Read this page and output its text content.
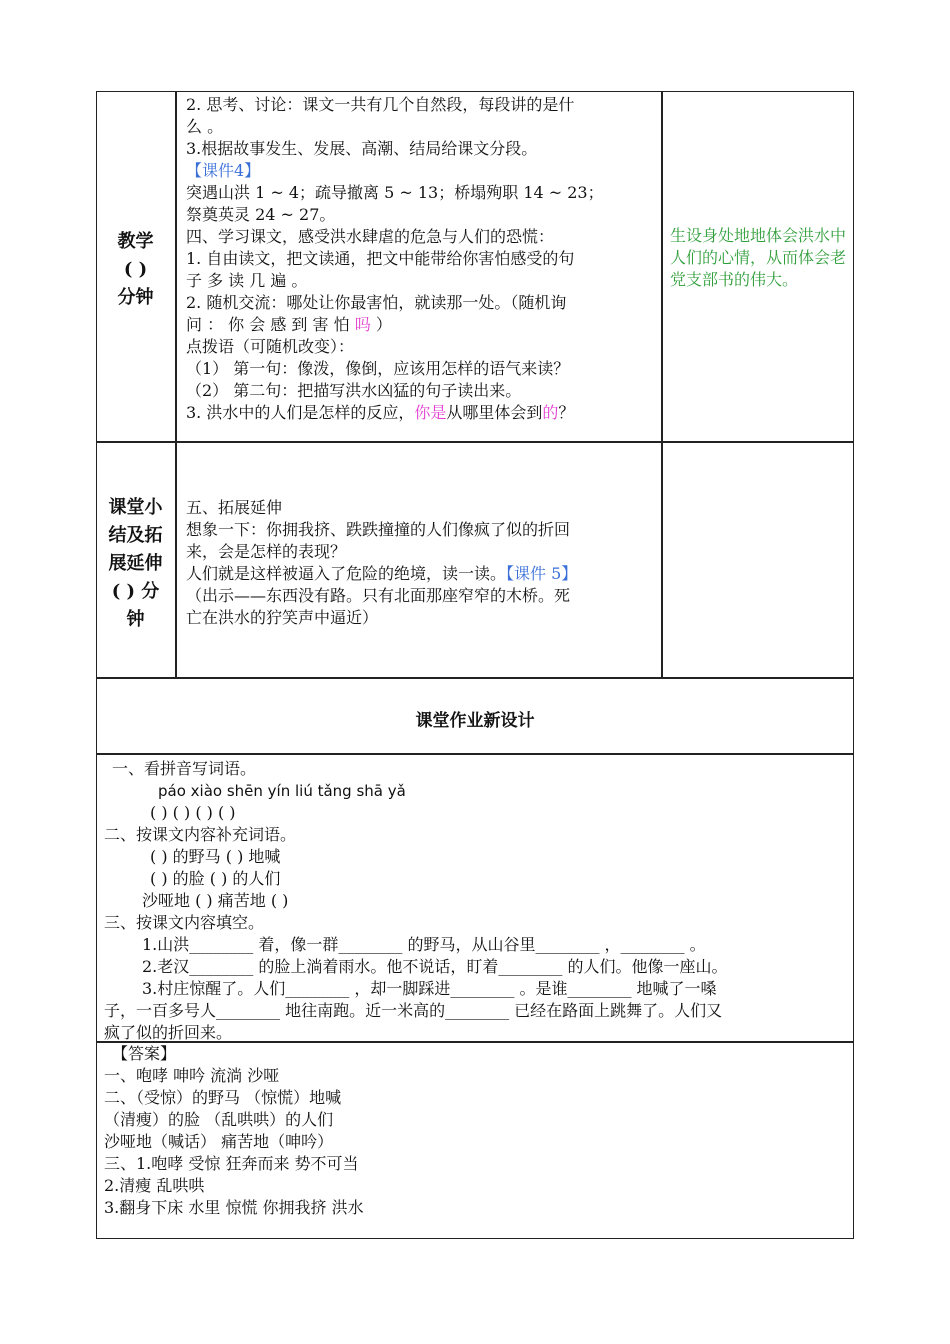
教学
( )
分钟

2. 思考、讨论：课文一共有几个自然段，每段讲的是什

么 。

3.根据故事发生、发展、高潮、结局给课文分段。

【课件4】

突遇山洪 1 ~ 4；疏导撤离 5 ~ 13；桥塌殉职 14 ~ 23；

祭奠英灵 24 ~ 27。

四、学习课文，感受洪水肆虐的危急与人们的恐慌：

1. 自由读文，把文读通，把文中能带给你害怕感受的句

子 多 读 几 遍 。

2. 随机交流：哪处让你最害怕，就读那一处。（随机询

问 ： 你 会 感 到 害 怕 吗 ）

点拨语（可随机改变）：

（1） 第一句：像泼，像倒，应该用怎样的语气来读？

（2） 第二句：把描写洪水凶猛的句子读出来。

3. 洪水中的人们是怎样的反应，你是从哪里体会到的？

生设身处地地体会洪水中人们的心情，从而体会老党支部书的伟大。
课堂小
结及拓
展延伸
( ) 分
钟

五、拓展延伸

想象一下：你拥我挤、跌跌撞撞的人们像疯了似的折回

来，会是怎样的表现？

人们就是这样被逼入了危险的绝境，读一读。【课件 5】

（出示——东西没有路。只有北面那座窄窄的木桥。死

亡在洪水的狞笑声中逼近）

课堂作业新设计

一、看拼音写词语。

páo xiào shēn yín liú tǎng shā yǎ

( ) ( ) ( ) ( )

二、按课文内容补充词语。

( ) 的野马 ( ) 地喊

( ) 的脸 ( ) 的人们

沙哑地 ( ) 痛苦地 ( )

三、按课文内容填空。

1.山洪________ 着，像一群________ 的野马，从山谷里________ ，________ 。

2.老汉________ 的脸上淌着雨水。他不说话，盯着________ 的人们。他像一座山。

3.村庄惊醒了。人们________ ，却一脚踩进________ 。是谁________ 地喊了一嗓

子，一百多号人________ 地往南跑。近一米高的________ 已经在路面上跳舞了。人们又

疯了似的折回来。

【答案】

一、咆哮 呻吟 流淌 沙哑

二、（受惊）的野马 （惊慌）地喊

（清瘦）的脸 （乱哄哄）的人们

沙哑地（喊话） 痛苦地（呻吟）

三、1.咆哮 受惊 狂奔而来 势不可当

2.清瘦 乱哄哄

3.翻身下床 水里 惊慌 你拥我挤 洪水
